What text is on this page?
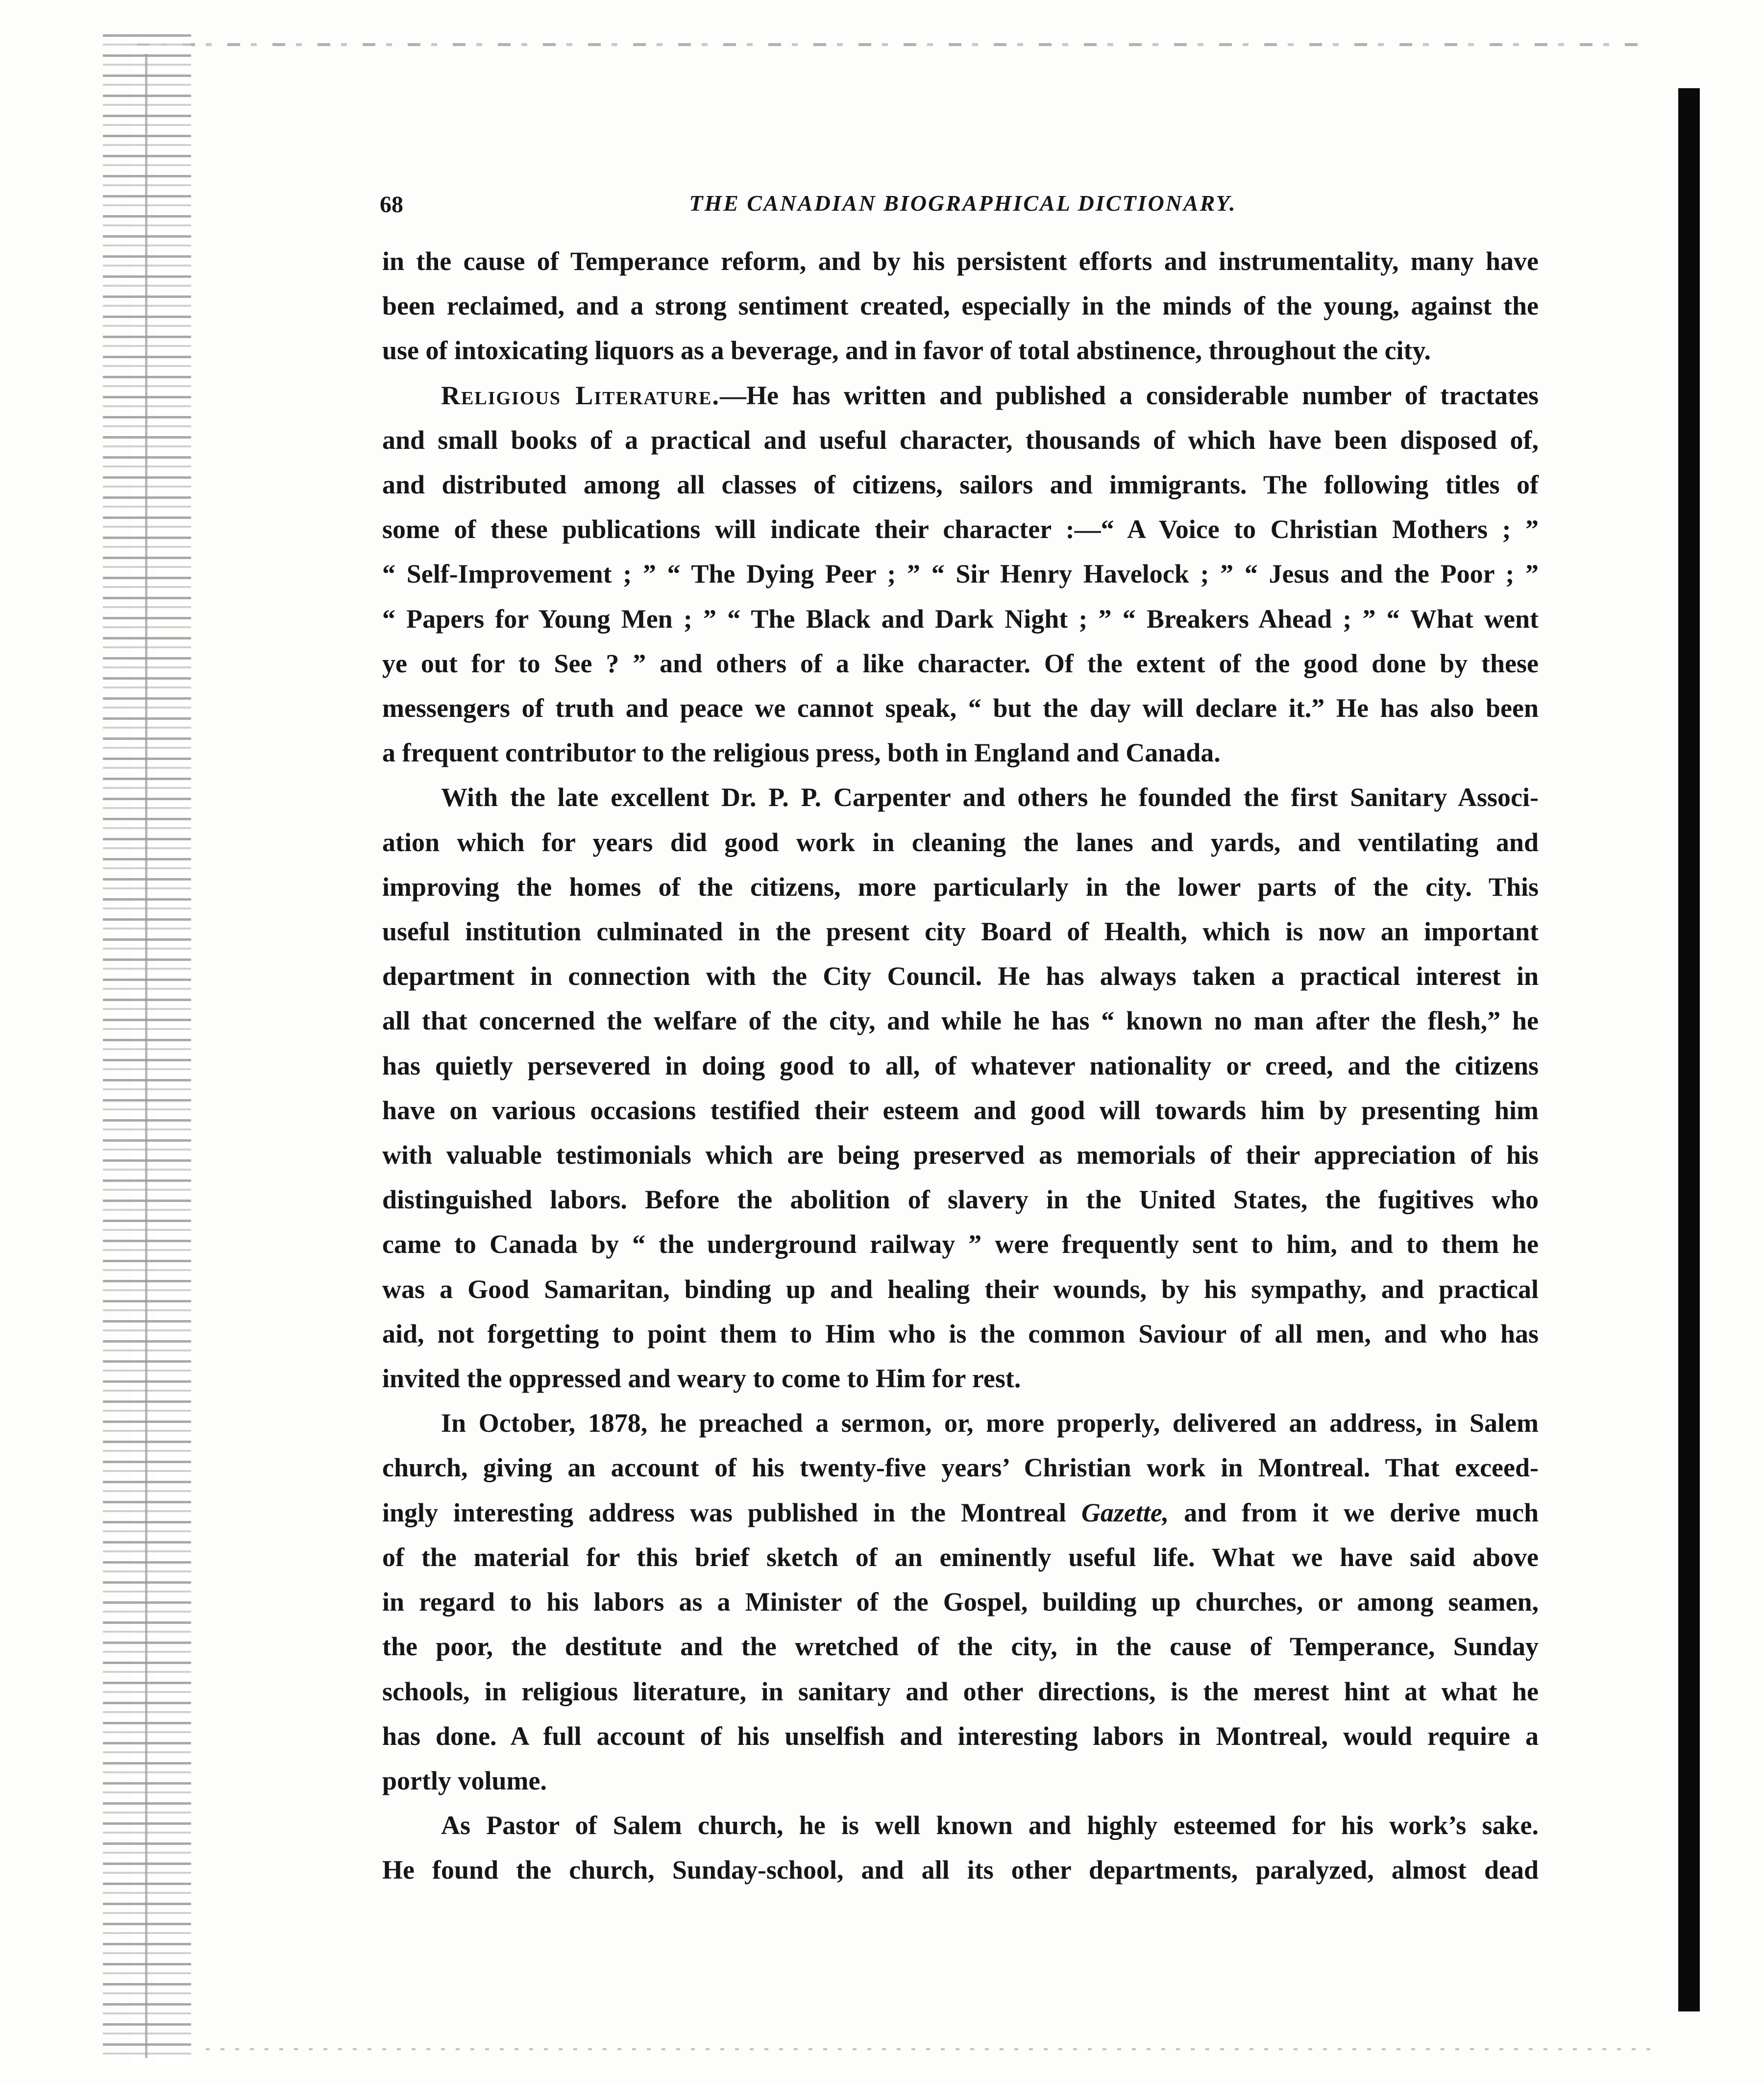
68	THE CANADIAN BIOGRAPHICAL DICTIONARY.
in the cause of Temperance reform, and by his persistent efforts and instrumentality, many have
been reclaimed, and a strong sentiment created, especially in the minds of the young, against the
use of intoxicating liquors as a beverage, and in favor of total abstinence, throughout the city.
Religious Literature.—He has written and published a considerable number of tractates
and small books of a practical and useful character, thousands of which have been disposed of,
and distributed among all classes of citizens, sailors and immigrants. The following titles of
some of these publications will indicate their character :—“ A Voice to Christian Mothers ; ”
“ Self-Improvement ; ” “ The Dying Peer ; ” “ Sir Henry Havelock ; ” “ Jesus and the Poor ; ”
“ Papers for Young Men ; ” “ The Black and Dark Night ; ” “ Breakers Ahead ; ” “ What went
ye out for to See ? ” and others of a like character. Of the extent of the good done by these
messengers of truth and peace we cannot speak, “ but the day will declare it.” He has also been
a frequent contributor to the religious press, both in England and Canada.
With the late excellent Dr. P. P. Carpenter and others he founded the first Sanitary Associ-
ation which for years did good work in cleaning the lanes and yards, and ventilating and
improving the homes of the citizens, more particularly in the lower parts of the city. This
useful institution culminated in the present city Board of Health, which is now an important
department in connection with the City Council. He has always taken a practical interest in
all that concerned the welfare of the city, and while he has “ known no man after the flesh,” he
has quietly persevered in doing good to all, of whatever nationality or creed, and the citizens
have on various occasions testified their esteem and good will towards him by presenting him
with valuable testimonials which are being preserved as memorials of their appreciation of his
distinguished labors. Before the abolition of slavery in the United States, the fugitives who
came to Canada by “ the underground railway ” were frequently sent to him, and to them he
was a Good Samaritan, binding up and healing their wounds, by his sympathy, and practical
aid, not forgetting to point them to Him who is the common Saviour of all men, and who has
invited the oppressed and weary to come to Him for rest.
In October, 1878, he preached a sermon, or, more properly, delivered an address, in Salem
church, giving an account of his twenty-five years’ Christian work in Montreal. That exceed-
ingly interesting address was published in the Montreal Gazette, and from it we derive much
of the material for this brief sketch of an eminently useful life. What we have said above
in regard to his labors as a Minister of the Gospel, building up churches, or among seamen,
the poor, the destitute and the wretched of the city, in the cause of Temperance, Sunday
schools, in religious literature, in sanitary and other directions, is the merest hint at what he
has done. A full account of his unselfish and interesting labors in Montreal, would require a
portly volume.
As Pastor of Salem church, he is well known and highly esteemed for his work’s sake.
He found the church, Sunday-school, and all its other departments, paralyzed, almost dead
